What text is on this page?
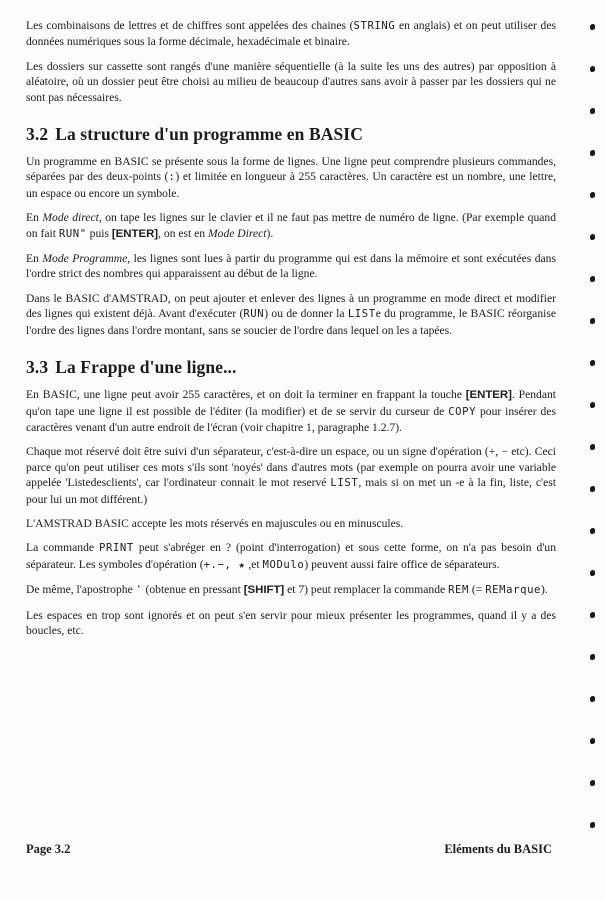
Les combinaisons de lettres et de chiffres sont appelées des chaines (STRING en anglais) et on peut utiliser des données numériques sous la forme décimale, hexadécimale et binaire.

Les dossiers sur cassette sont rangés d'une manière séquentielle (à la suite les uns des autres) par opposition à aléatoire, où un dossier peut être choisi au milieu de beaucoup d'autres sans avoir à passer par les dossiers qui ne sont pas nécessaires.

3.2 La structure d'un programme en BASIC

Un programme en BASIC se présente sous la forme de lignes. Une ligne peut comprendre plusieurs commandes, séparées par des deux-points (:) et limitée en longueur à 255 caractères. Un caractère est un nombre, une lettre, un espace ou encore un symbole.

En Mode direct, on tape les lignes sur le clavier et il ne faut pas mettre de numéro de ligne. (Par exemple quand on fait RUN" puis [ENTER], on est en Mode Direct).

En Mode Programme, les lignes sont lues à partir du programme qui est dans la mémoire et sont exécutées dans l'ordre strict des nombres qui apparaissent au début de la ligne.

Dans le BASIC d'AMSTRAD, on peut ajouter et enlever des lignes à un programme en mode direct et modifier des lignes qui existent déjà. Avant d'exécuter (RUN) ou de donner la LISTe du programme, le BASIC réorganise l'ordre des lignes dans l'ordre montant, sans se soucier de l'ordre dans lequel on les a tapées.

3.3 La Frappe d'une ligne...

En BASIC, une ligne peut avoir 255 caractères, et on doit la terminer en frappant la touche [ENTER]. Pendant qu'on tape une ligne il est possible de l'éditer (la modifier) et de se servir du curseur de COPY pour insérer des caractères venant d'un autre endroit de l'écran (voir chapitre 1, paragraphe 1.2.7).

Chaque mot réservé doit être suivi d'un séparateur, c'est-à-dire un espace, ou un signe d'opération (+, − etc). Ceci parce qu'on peut utiliser ces mots s'ils sont 'noyés' dans d'autres mots (par exemple on pourra avoir une variable appelée 'Listedesclients', car l'ordinateur connait le mot reservé LIST, mais si on met un -e à la fin, liste, c'est pour lui un mot différent.)

L'AMSTRAD BASIC accepte les mots réservés en majuscules ou en minuscules.

La commande PRINT peut s'abréger en ? (point d'interrogation) et sous cette forme, on n'a pas besoin d'un séparateur. Les symboles d'opération (+.−, ★ ,et MODulo) peuvent aussi faire office de séparateurs.

De même, l'apostrophe ' (obtenue en pressant [SHIFT] et 7) peut remplacer la commande REM (= REMarque).

Les espaces en trop sont ignorés et on peut s'en servir pour mieux présenter les programmes, quand il y a des boucles, etc.

Page 3.2	Eléments du BASIC
